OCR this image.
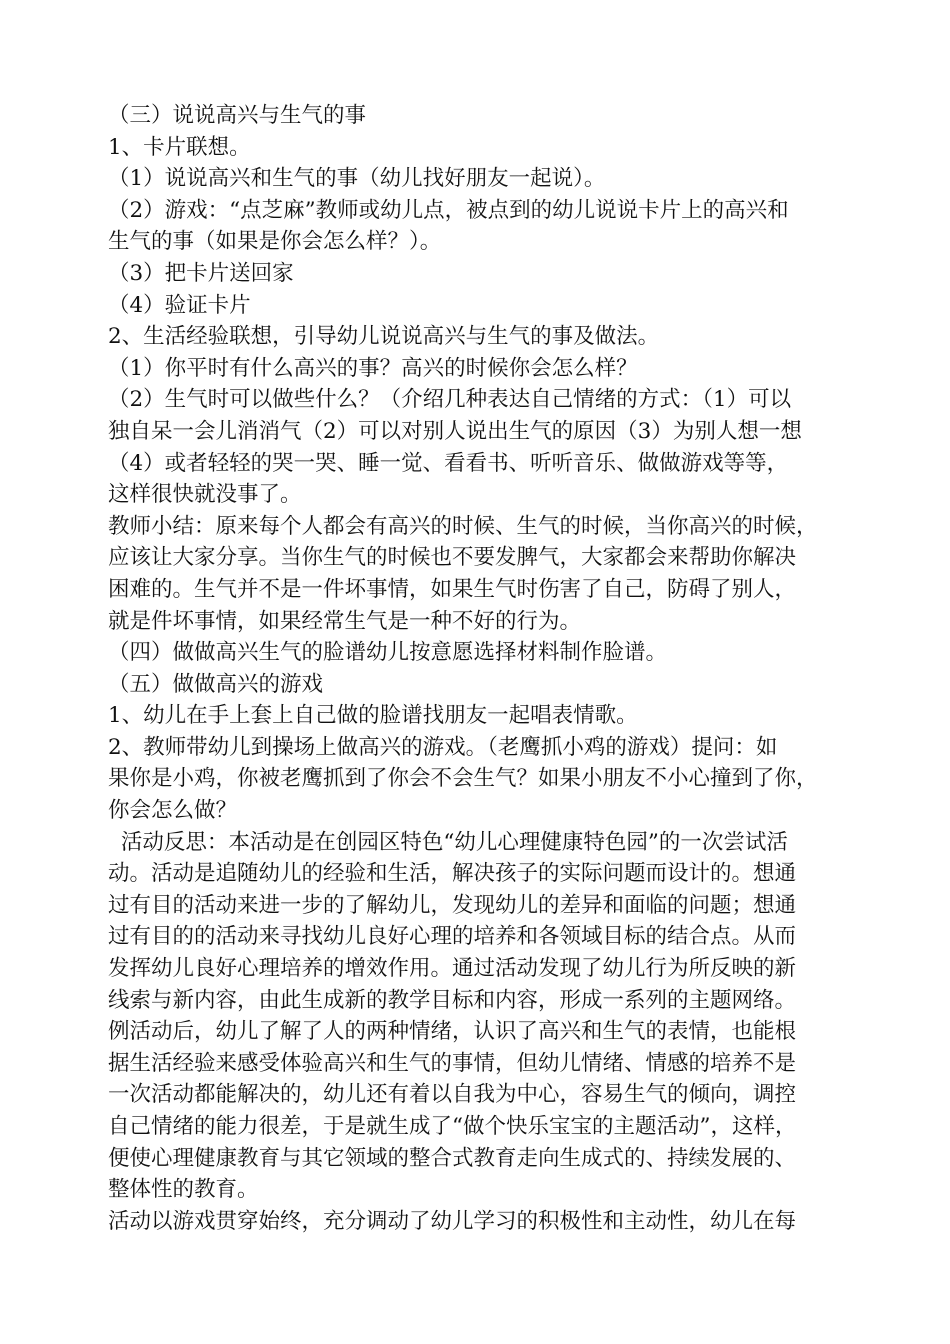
（三）说说高兴与生气的事
1、卡片联想。
（1）说说高兴和生气的事（幼儿找好朋友一起说）。
（2）游戏：“点芝麻”教师或幼儿点，被点到的幼儿说说卡片上的高兴和
生气的事（如果是你会怎么样？）。
（3）把卡片送回家
（4）验证卡片
2、生活经验联想，引导幼儿说说高兴与生气的事及做法。
（1）你平时有什么高兴的事？高兴的时候你会怎么样？
（2）生气时可以做些什么？（介绍几种表达自己情绪的方式：（1）可以
独自呆一会儿消消气（2）可以对别人说出生气的原因（3）为别人想一想
（4）或者轻轻的哭一哭、睡一觉、看看书、听听音乐、做做游戏等等，
这样很快就没事了。
教师小结：原来每个人都会有高兴的时候、生气的时候，当你高兴的时候，
应该让大家分享。当你生气的时候也不要发脾气，大家都会来帮助你解决
困难的。生气并不是一件坏事情，如果生气时伤害了自己，防碍了别人，
就是件坏事情，如果经常生气是一种不好的行为。
（四）做做高兴生气的脸谱幼儿按意愿选择材料制作脸谱。
（五）做做高兴的游戏
1、幼儿在手上套上自己做的脸谱找朋友一起唱表情歌。
2、教师带幼儿到操场上做高兴的游戏。（老鹰抓小鸡的游戏）提问：如
果你是小鸡，你被老鹰抓到了你会不会生气？如果小朋友不小心撞到了你，
你会怎么做？
活动反思：本活动是在创园区特色“幼儿心理健康特色园”的一次尝试活
动。活动是追随幼儿的经验和生活，解决孩子的实际问题而设计的。想通
过有目的活动来进一步的了解幼儿，发现幼儿的差异和面临的问题；想通
过有目的的活动来寻找幼儿良好心理的培养和各领域目标的结合点。从而
发挥幼儿良好心理培养的增效作用。通过活动发现了幼儿行为所反映的新
线索与新内容，由此生成新的教学目标和内容，形成一系列的主题网络。
例活动后，幼儿了解了人的两种情绪，认识了高兴和生气的表情，也能根
据生活经验来感受体验高兴和生气的事情，但幼儿情绪、情感的培养不是
一次活动都能解决的，幼儿还有着以自我为中心，容易生气的倾向，调控
自己情绪的能力很差，于是就生成了“做个快乐宝宝的主题活动”，这样，
便使心理健康教育与其它领域的整合式教育走向生成式的、持续发展的、
整体性的教育。
活动以游戏贯穿始终，充分调动了幼儿学习的积极性和主动性，幼儿在每
